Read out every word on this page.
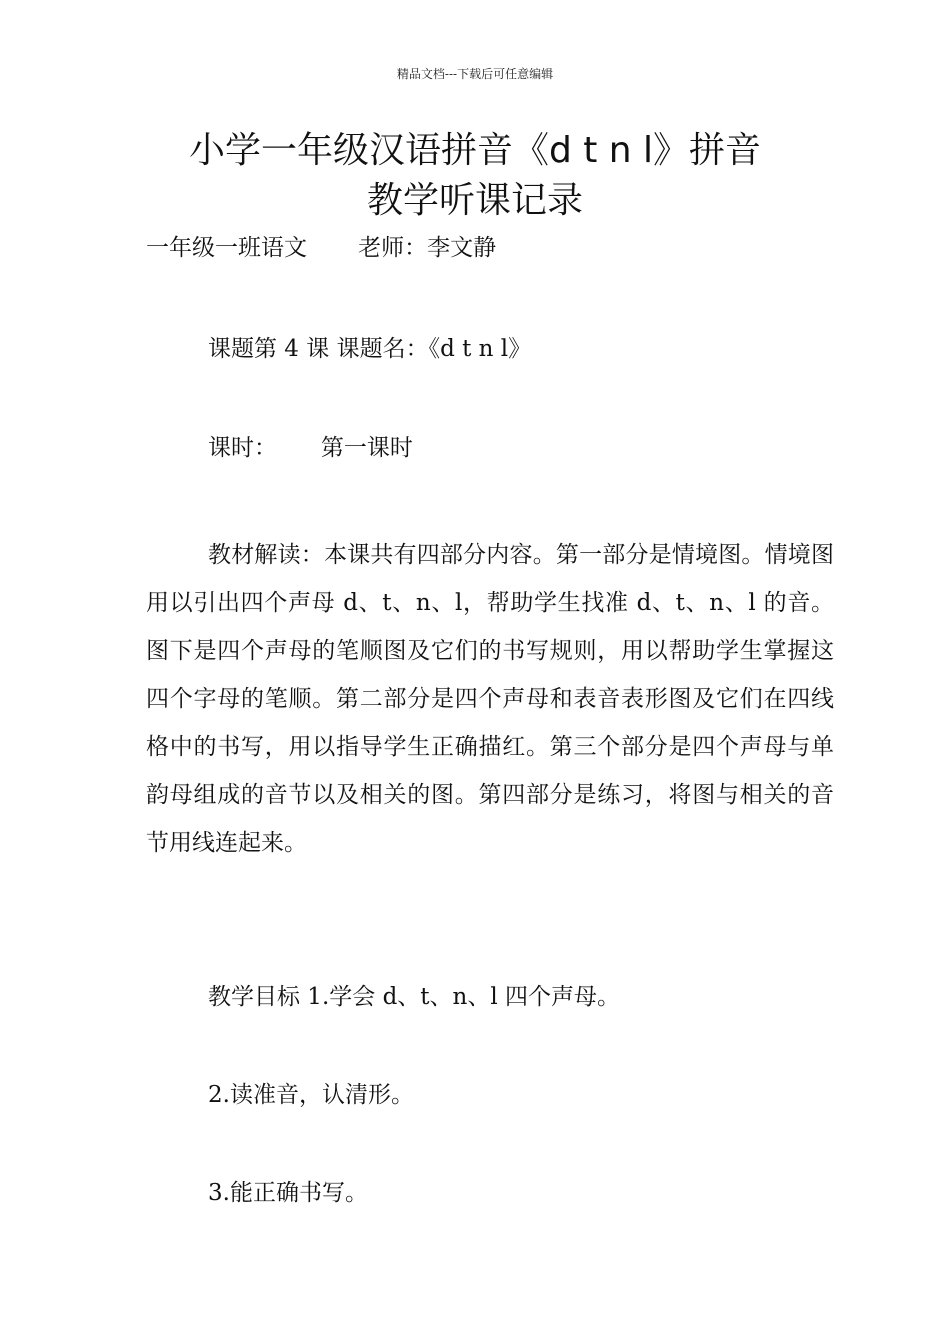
精品文档---下载后可任意编辑
小学一年级汉语拼音《d t n l》拼音
教学听课记录
一年级一班语文       老师：李文静
课题第 4 课 课题名：《d t n l》
课时：      第一课时

教材解读：本课共有四部分内容。第一部分是情境图。情境图用以引出四个声母 d、t、n、l，帮助学生找准 d、t、n、l 的音。图下是四个声母的笔顺图及它们的书写规则，用以帮助学生掌握这四个字母的笔顺。第二部分是四个声母和表音表形图及它们在四线格中的书写，用以指导学生正确描红。第三个部分是四个声母与单韵母组成的音节以及相关的图。第四部分是练习，将图与相关的音节用线连起来。

教学目标 1.学会 d、t、n、l 四个声母。
2.读准音，认清形。
3.能正确书写。
